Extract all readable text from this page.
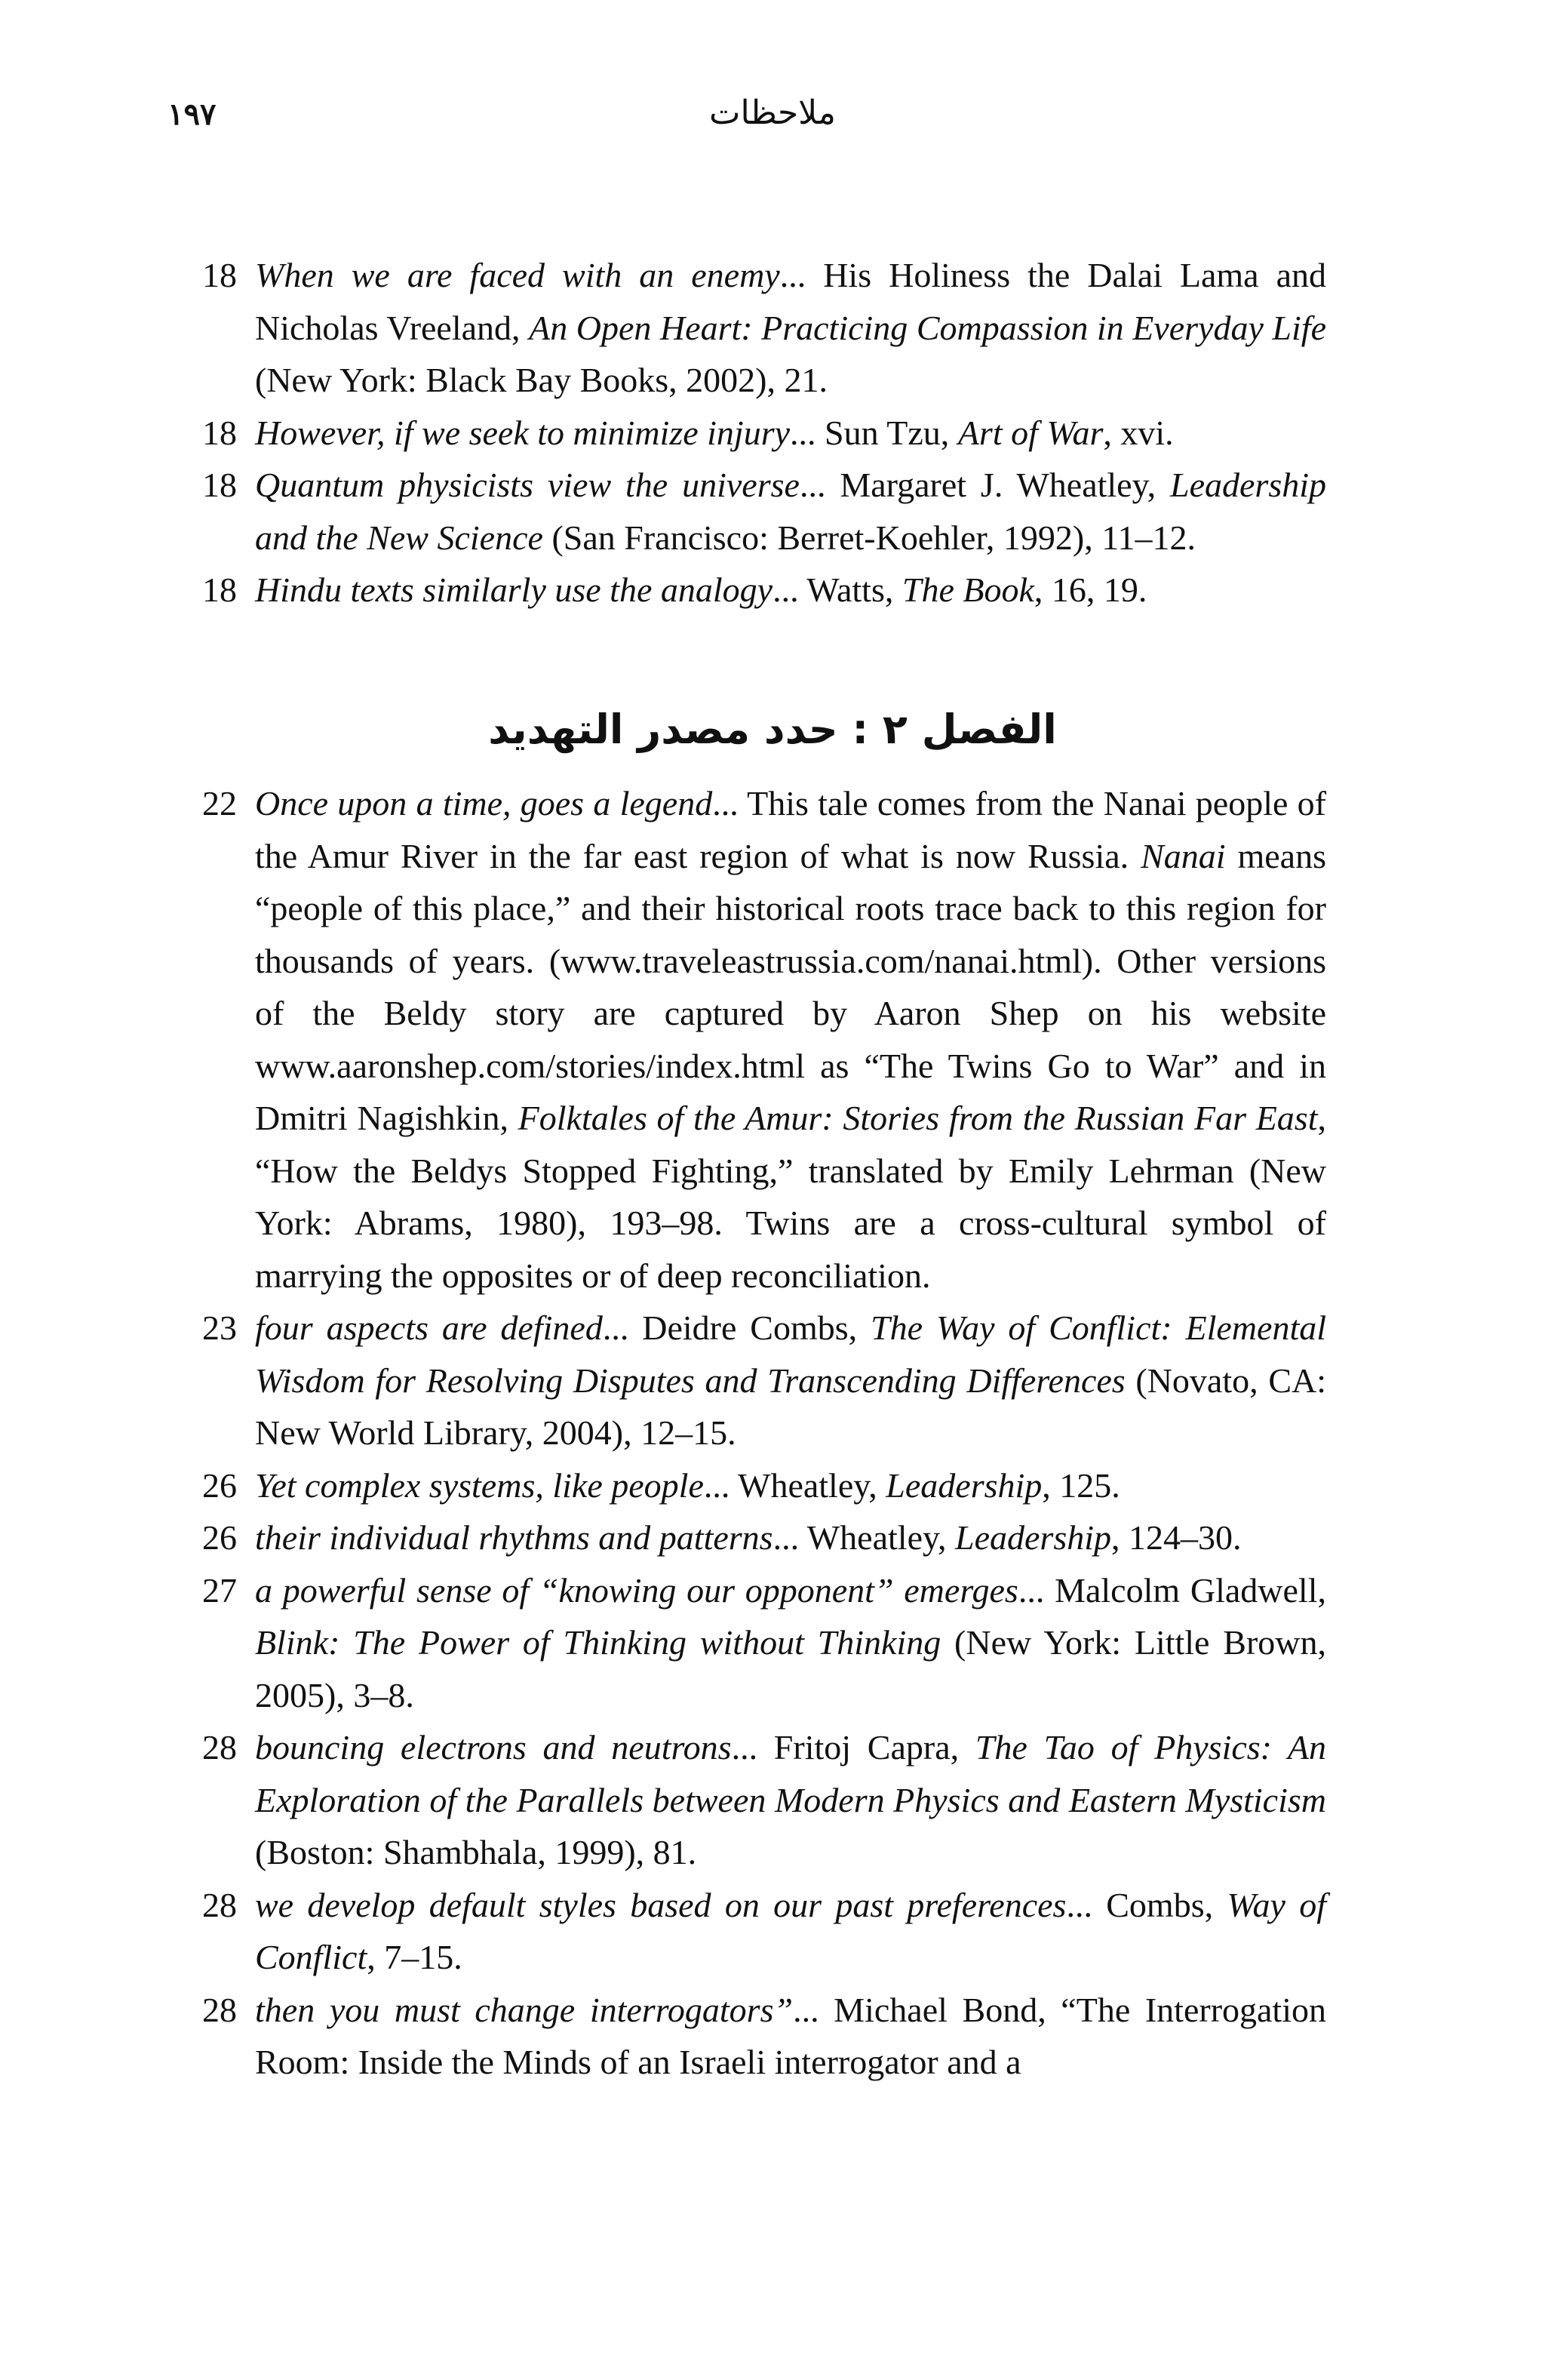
١٩٧	ملاحظات
18 When we are faced with an enemy... His Holiness the Dalai Lama and Nicholas Vreeland, An Open Heart: Practicing Compassion in Everyday Life (New York: Black Bay Books, 2002), 21.
18 However, if we seek to minimize injury... Sun Tzu, Art of War, xvi.
18 Quantum physicists view the universe... Margaret J. Wheatley, Leadership and the New Science (San Francisco: Berret-Koehler, 1992), 11–12.
18 Hindu texts similarly use the analogy... Watts, The Book, 16, 19.
الفصل ٢ : حدد مصدر التهديد
22 Once upon a time, goes a legend... This tale comes from the Nanai people of the Amur River in the far east region of what is now Russia. Nanai means “people of this place,” and their historical roots trace back to this region for thousands of years. (www.traveleastrussia.com/nanai.html). Other versions of the Beldy story are captured by Aaron Shep on his website www.aaronshep.com/stories/index.html as “The Twins Go to War” and in Dmitri Nagishkin, Folktales of the Amur: Stories from the Russian Far East, “How the Beldys Stopped Fighting,” translated by Emily Lehrman (New York: Abrams, 1980), 193–98. Twins are a cross-cultural symbol of marrying the opposites or of deep reconciliation.
23 four aspects are defined... Deidre Combs, The Way of Conflict: Elemental Wisdom for Resolving Disputes and Transcending Differences (Novato, CA: New World Library, 2004), 12–15.
26 Yet complex systems, like people... Wheatley, Leadership, 125.
26 their individual rhythms and patterns... Wheatley, Leadership, 124–30.
27 a powerful sense of “knowing our opponent” emerges... Malcolm Gladwell, Blink: The Power of Thinking without Thinking (New York: Little Brown, 2005), 3–8.
28 bouncing electrons and neutrons... Fritoj Capra, The Tao of Physics: An Exploration of the Parallels between Modern Physics and Eastern Mysticism (Boston: Shambhala, 1999), 81.
28 we develop default styles based on our past preferences... Combs, Way of Conflict, 7–15.
28 then you must change interrogators”... Michael Bond, “The Interrogation Room: Inside the Minds of an Israeli interrogator and a
